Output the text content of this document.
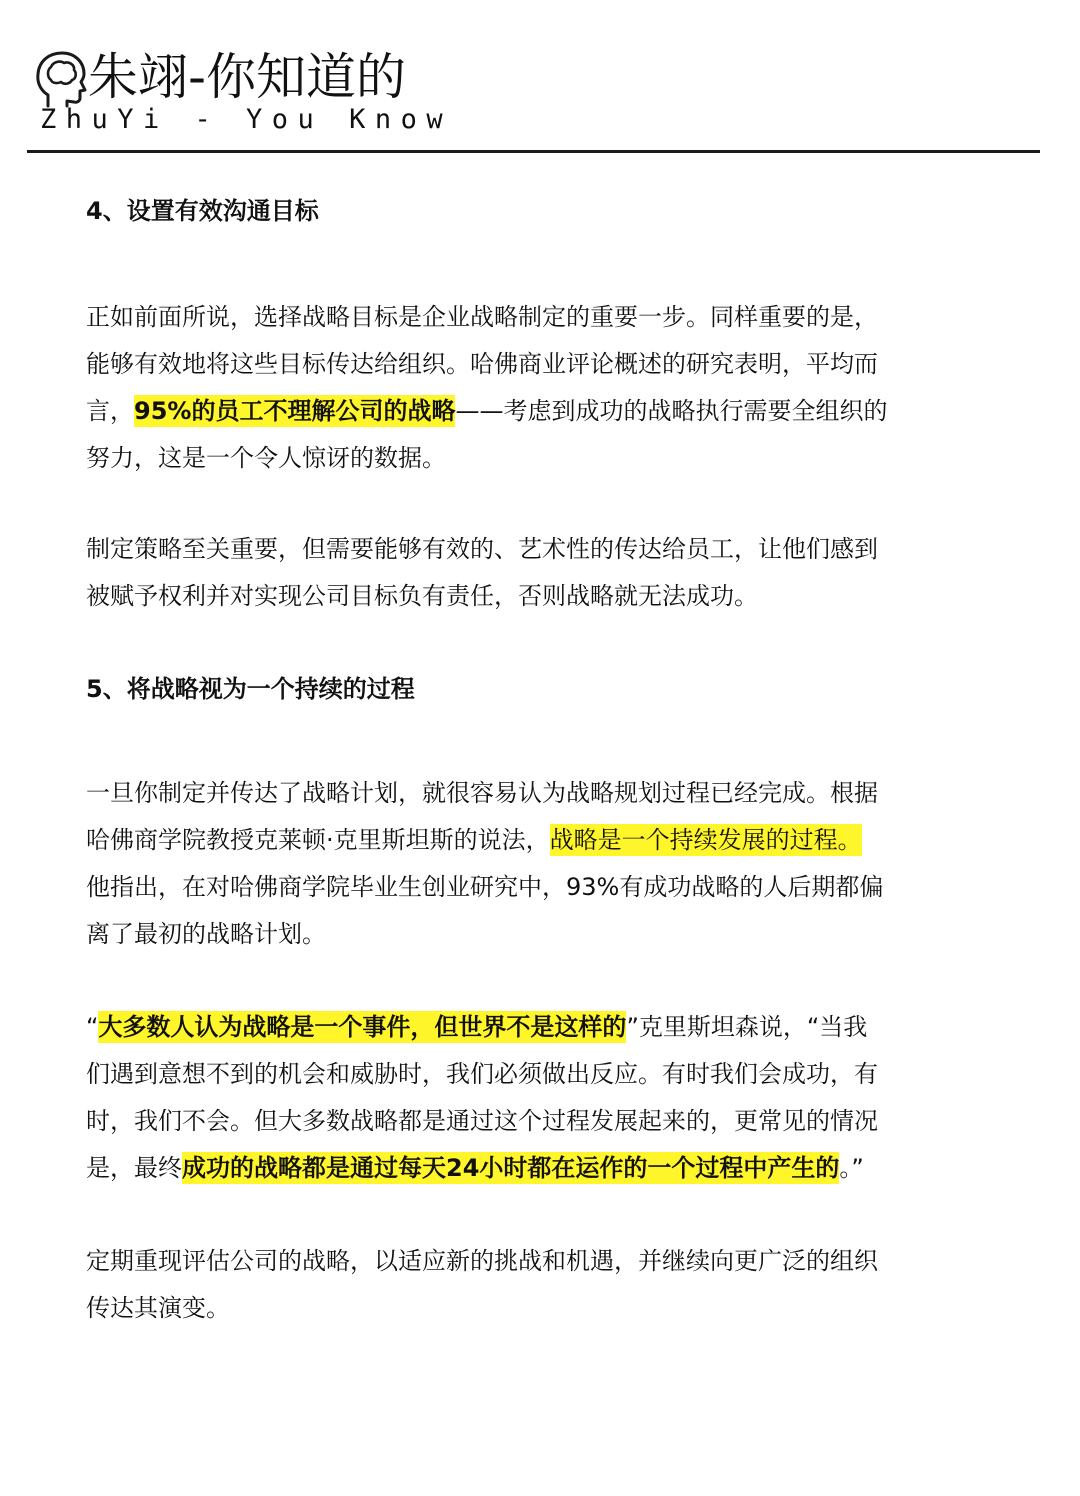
朱翊-你知道的
ZhuYi - You Know
4、设置有效沟通目标

正如前面所说，选择战略目标是企业战略制定的重要一步。同样重要的是，
能够有效地将这些目标传达给组织。哈佛商业评论概述的研究表明，平均而
言，95%的员工不理解公司的战略——考虑到成功的战略执行需要全组织的
努力，这是一个令人惊讶的数据。

制定策略至关重要，但需要能够有效的、艺术性的传达给员工，让他们感到
被赋予权利并对实现公司目标负有责任，否则战略就无法成功。

5、将战略视为一个持续的过程

一旦你制定并传达了战略计划，就很容易认为战略规划过程已经完成。根据
哈佛商学院教授克莱顿·克里斯坦斯的说法，战略是一个持续发展的过程。
他指出，在对哈佛商学院毕业生创业研究中，93%有成功战略的人后期都偏
离了最初的战略计划。

“大多数人认为战略是一个事件，但世界不是这样的”克里斯坦森说，“当我
们遇到意想不到的机会和威胁时，我们必须做出反应。有时我们会成功，有
时，我们不会。但大多数战略都是通过这个过程发展起来的，更常见的情况
是，最终成功的战略都是通过每天24小时都在运作的一个过程中产生的。”

定期重现评估公司的战略，以适应新的挑战和机遇，并继续向更广泛的组织
传达其演变。
